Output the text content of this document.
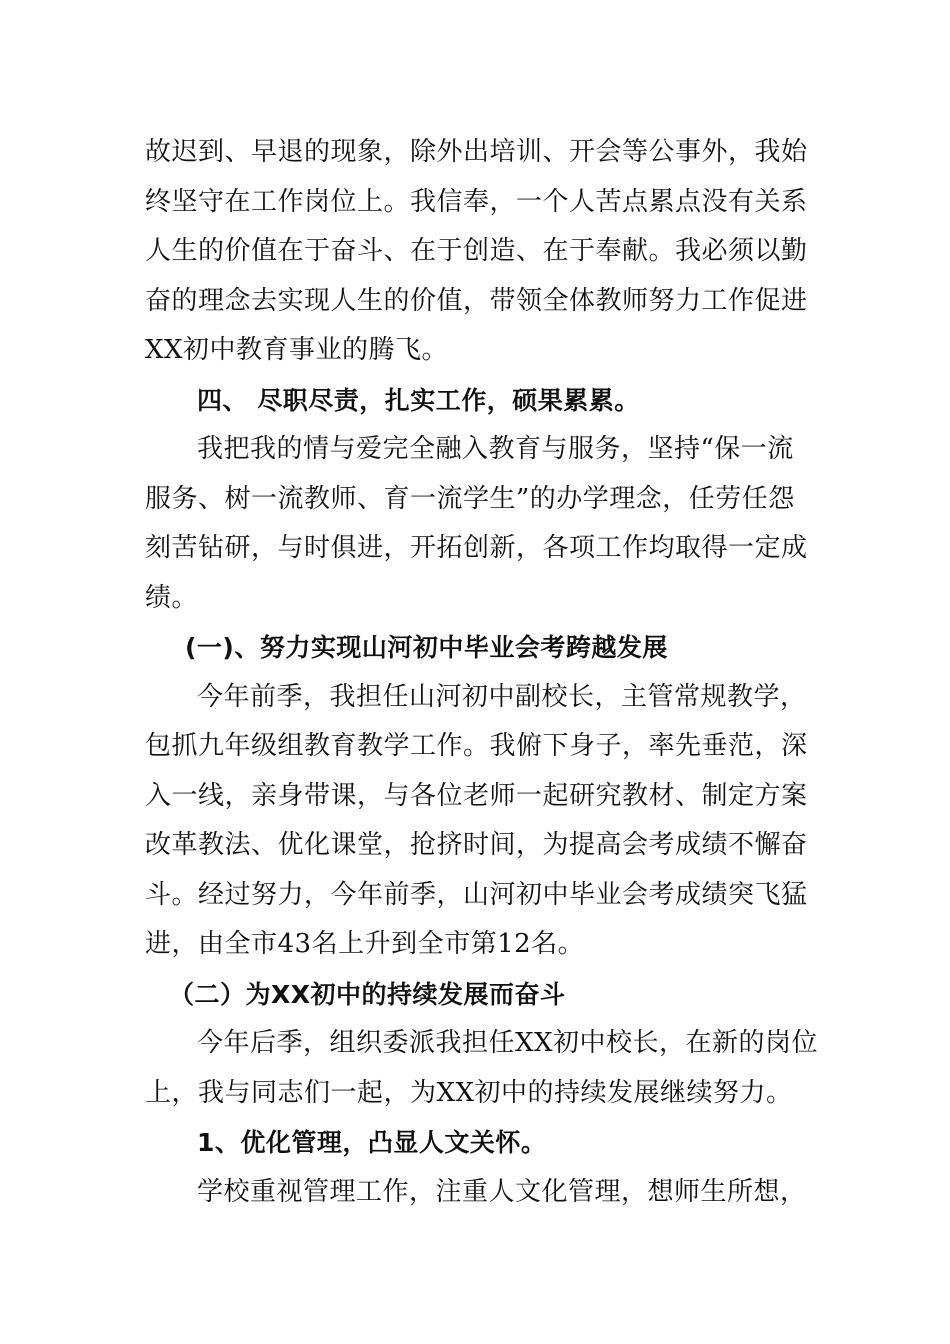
故迟到、早退的现象，除外出培训、开会等公事外，我始
终坚守在工作岗位上。我信奉，一个人苦点累点没有关系
人生的价值在于奋斗、在于创造、在于奉献。我必须以勤
奋的理念去实现人生的价值，带领全体教师努力工作促进
XX初中教育事业的腾飞。

四、 尽职尽责，扎实工作，硕果累累。

我把我的情与爱完全融入教育与服务，坚持“保一流
服务、树一流教师、育一流学生”的办学理念，任劳任怨
刻苦钻研，与时俱进，开拓创新，各项工作均取得一定成
绩。

(一)、努力实现山河初中毕业会考跨越发展

今年前季，我担任山河初中副校长，主管常规教学，
包抓九年级组教育教学工作。我俯下身子，率先垂范，深
入一线，亲身带课，与各位老师一起研究教材、制定方案
改革教法、优化课堂，抢挤时间，为提高会考成绩不懈奋
斗。经过努力，今年前季，山河初中毕业会考成绩突飞猛
进，由全市43名上升到全市第12名。

（二）为XX初中的持续发展而奋斗

今年后季，组织委派我担任XX初中校长，在新的岗位
上，我与同志们一起，为XX初中的持续发展继续努力。

1、优化管理，凸显人文关怀。

学校重视管理工作，注重人文化管理，想师生所想，
